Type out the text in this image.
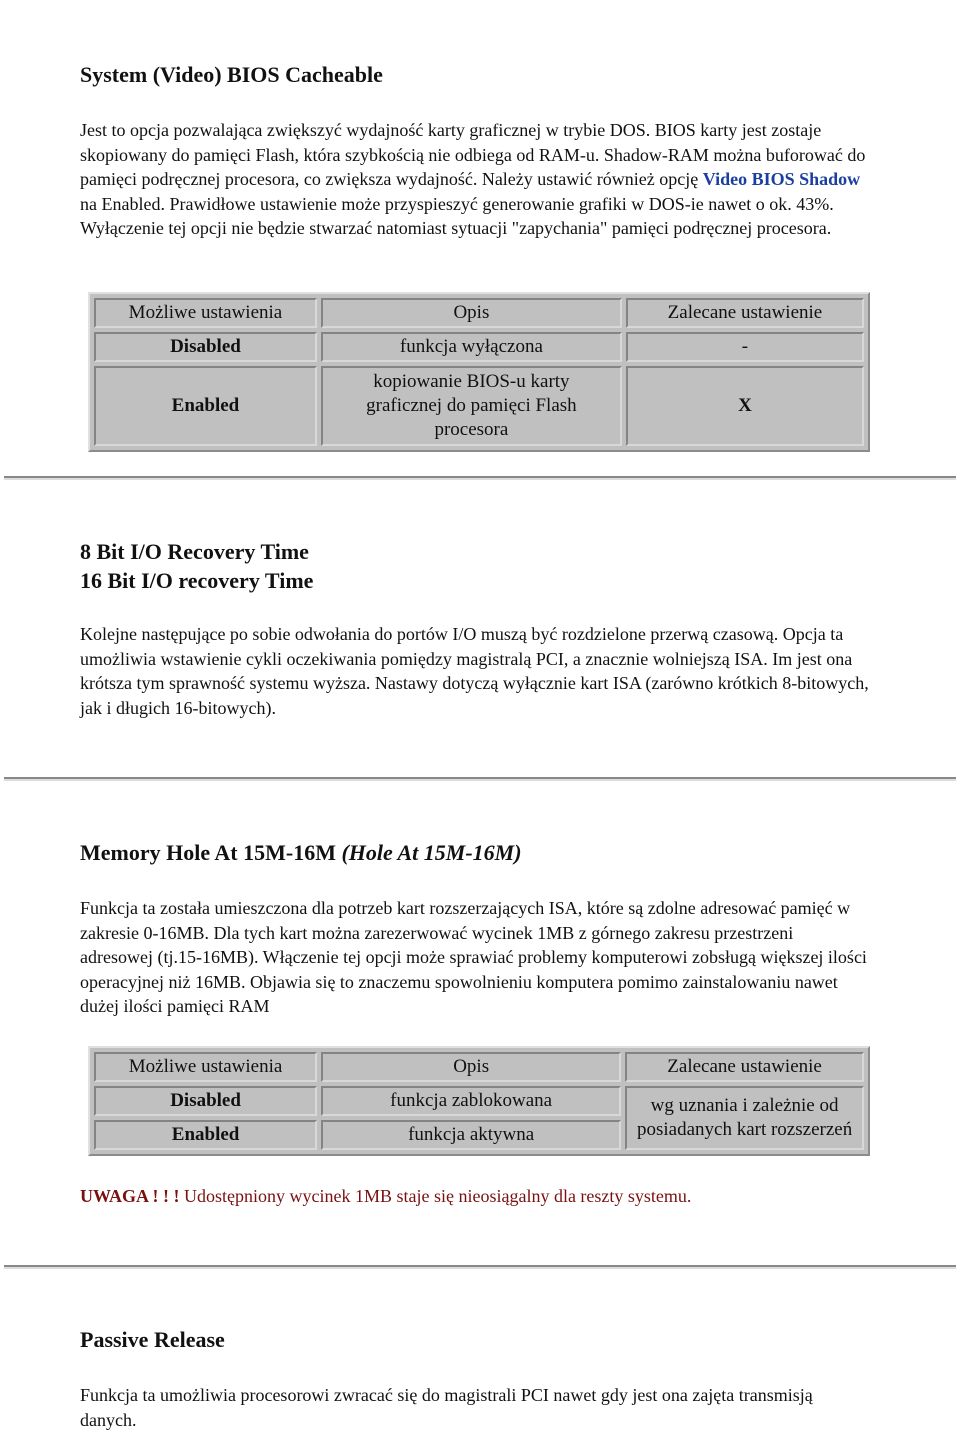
System (Video) BIOS Cacheable

Jest to opcja pozwalająca zwiększyć wydajność karty graficznej w trybie DOS. BIOS karty jest zostaje skopiowany do pamięci Flash, która szybkością nie odbiega od RAM-u. Shadow-RAM można buforować do pamięci podręcznej procesora, co zwiększa wydajność. Należy ustawić również opcję Video BIOS Shadow na Enabled. Prawidłowe ustawienie może przyspieszyć generowanie grafiki w DOS-ie nawet o ok. 43%. Wyłączenie tej opcji nie będzie stwarzać natomiast sytuacji "zapychania" pamięci podręcznej procesora.

Możliwe ustawienia	Opis	Zalecane ustawienie
Disabled	funkcja wyłączona	-
Enabled	kopiowanie BIOS-u karty graficznej do pamięci Flash procesora	X
8 Bit I/O Recovery Time
16 Bit I/O recovery Time

Kolejne następujące po sobie odwołania do portów I/O muszą być rozdzielone przerwą czasową. Opcja ta umożliwia wstawienie cykli oczekiwania pomiędzy magistralą PCI, a znacznie wolniejszą ISA. Im jest ona krótsza tym sprawność systemu wyższa. Nastawy dotyczą wyłącznie kart ISA (zarówno krótkich 8-bitowych, jak i długich 16-bitowych).

Memory Hole At 15M-16M (Hole At 15M-16M)

Funkcja ta została umieszczona dla potrzeb kart rozszerzających ISA, które są zdolne adresować pamięć w zakresie 0-16MB. Dla tych kart można zarezerwować wycinek 1MB z górnego zakresu przestrzeni adresowej (tj.15-16MB). Włączenie tej opcji może sprawiać problemy komputerowi zobsługą większej ilości operacyjnej niż 16MB. Objawia się to znaczemu spowolnieniu komputera pomimo zainstalowaniu nawet dużej ilości pamięci RAM

Możliwe ustawienia	Opis	Zalecane ustawienie
Disabled	funkcja zablokowana	wg uznania i zależnie od posiadanych kart rozszerzeń
Enabled	funkcja aktywna	

UWAGA ! ! ! Udostępniony wycinek 1MB staje się nieosiągalny dla reszty systemu.

Passive Release

Funkcja ta umożliwia procesorowi zwracać się do magistrali PCI nawet gdy jest ona zajęta transmisją danych.
